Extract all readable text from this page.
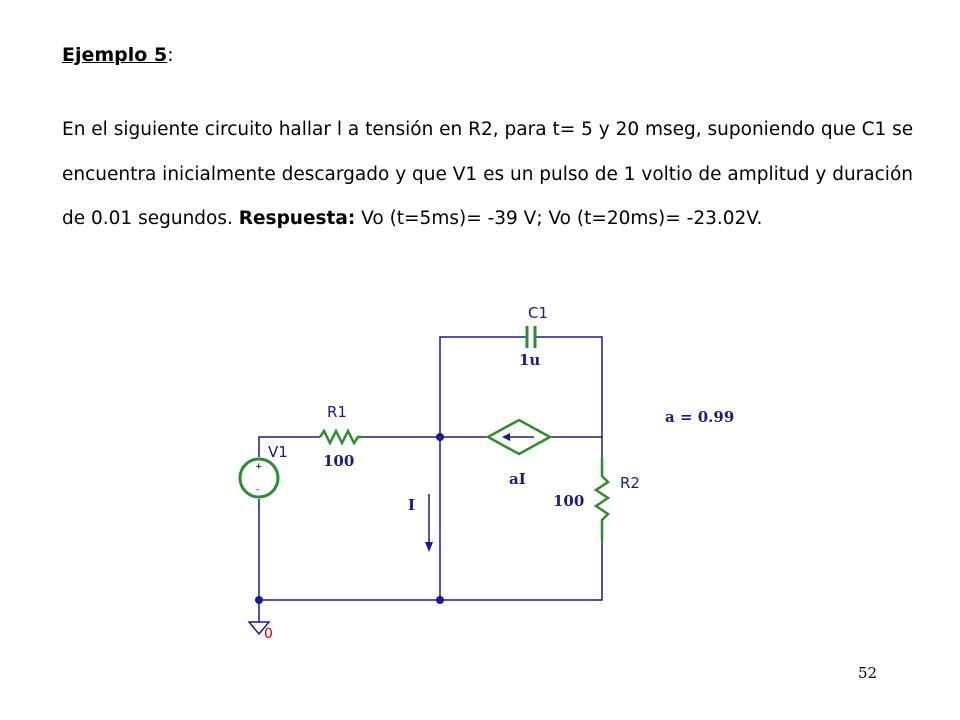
Ejemplo 5:

En el siguiente circuito hallar l a tensión en R2, para t= 5 y 20 mseg, suponiendo que C1 se encuentra inicialmente descargado y que V1 es un pulso de 1 voltio de amplitud y duración de 0.01 segundos. Respuesta: Vo (t=5ms)= -39 V; Vo (t=20ms)= -23.02V.

+
-
V1
R1
100
C1
1u
aI
a = 0.99
R2
100
I
0
52
